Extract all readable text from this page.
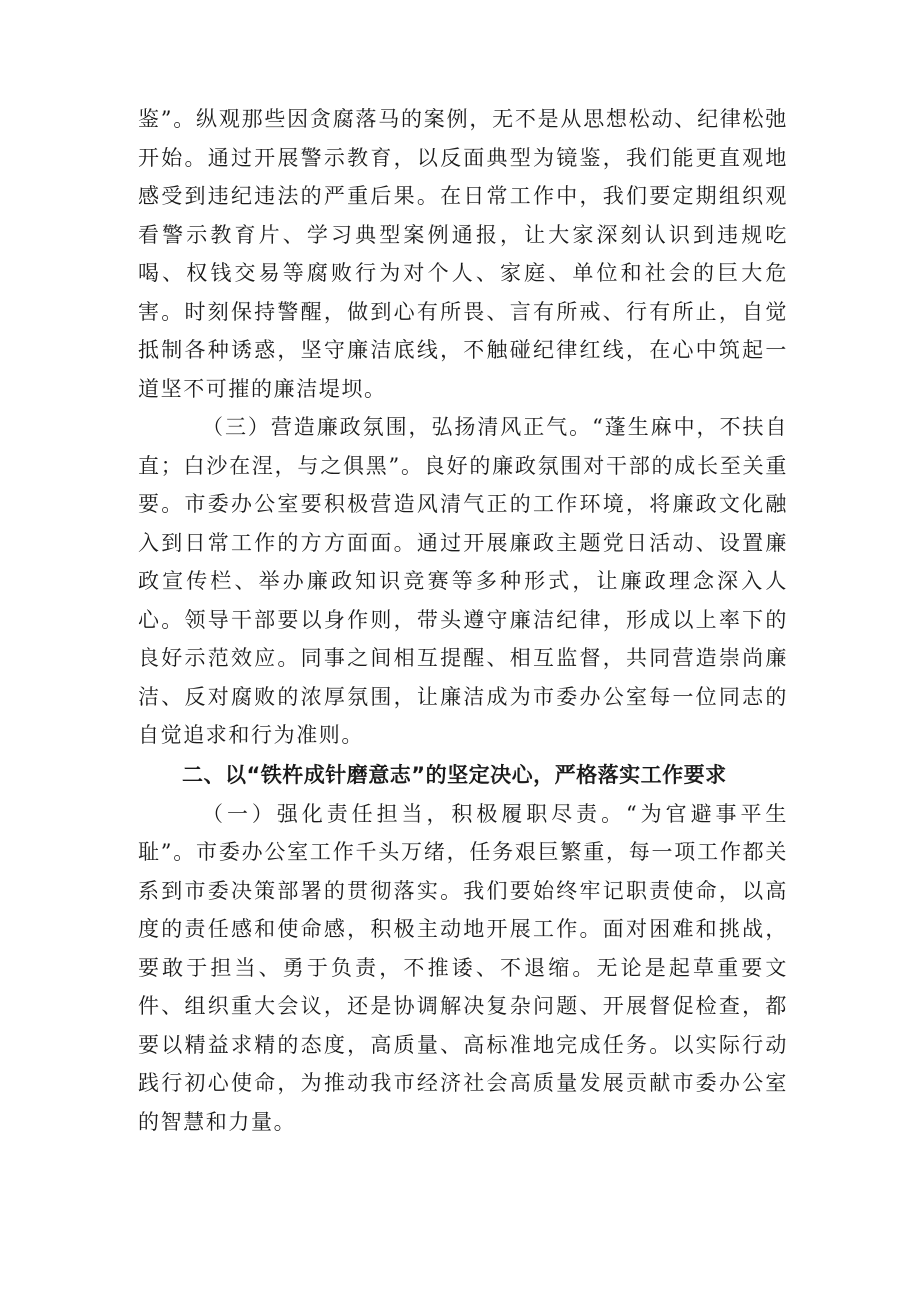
鉴”。纵观那些因贪腐落马的案例，无不是从思想松动、纪律松弛开始。通过开展警示教育，以反面典型为镜鉴，我们能更直观地感受到违纪违法的严重后果。在日常工作中，我们要定期组织观看警示教育片、学习典型案例通报，让大家深刻认识到违规吃喝、权钱交易等腐败行为对个人、家庭、单位和社会的巨大危害。时刻保持警醒，做到心有所畏、言有所戒、行有所止，自觉抵制各种诱惑，坚守廉洁底线，不触碰纪律红线，在心中筑起一道坚不可摧的廉洁堤坝。

（三）营造廉政氛围，弘扬清风正气。“蓬生麻中，不扶自直；白沙在涅，与之俱黑”。良好的廉政氛围对干部的成长至关重要。市委办公室要积极营造风清气正的工作环境，将廉政文化融入到日常工作的方方面面。通过开展廉政主题党日活动、设置廉政宣传栏、举办廉政知识竞赛等多种形式，让廉政理念深入人心。领导干部要以身作则，带头遵守廉洁纪律，形成以上率下的良好示范效应。同事之间相互提醒、相互监督，共同营造崇尚廉洁、反对腐败的浓厚氛围，让廉洁成为市委办公室每一位同志的自觉追求和行为准则。

二、以“铁杵成针磨意志”的坚定决心，严格落实工作要求

（一）强化责任担当，积极履职尽责。“为官避事平生耻”。市委办公室工作千头万绪，任务艰巨繁重，每一项工作都关系到市委决策部署的贯彻落实。我们要始终牢记职责使命，以高度的责任感和使命感，积极主动地开展工作。面对困难和挑战，要敢于担当、勇于负责，不推诿、不退缩。无论是起草重要文件、组织重大会议，还是协调解决复杂问题、开展督促检查，都要以精益求精的态度，高质量、高标准地完成任务。以实际行动践行初心使命，为推动我市经济社会高质量发展贡献市委办公室的智慧和力量。
